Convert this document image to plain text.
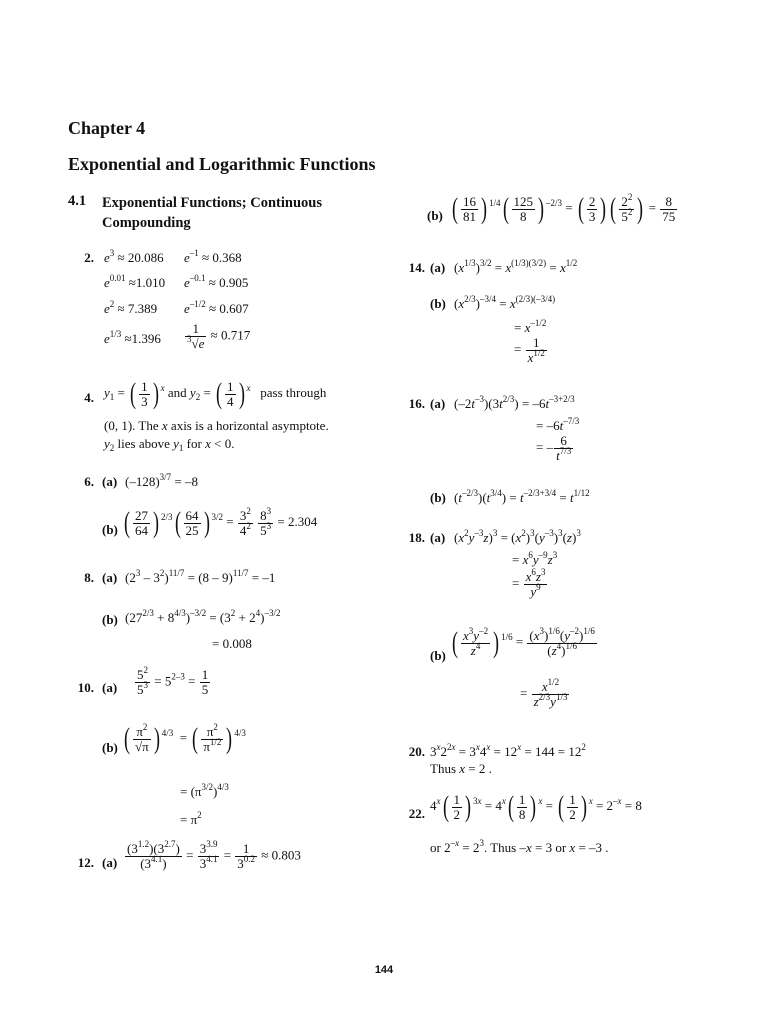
Chapter 4
Exponential and Logarithmic Functions
4.1 Exponential Functions; Continuous Compounding
2. $e^3 \approx 20.086$ $e^{-1} \approx 0.368$
$e^{0.01} \approx 1.010$ $e^{-0.1} \approx 0.905$
$e^2 \approx 7.389$ $e^{-1/2} \approx 0.607$
$e^{1/3} \approx 1.396 \frac{1}{^3√e} \approx 0.717$
4. $y_1$ = ( $\frac{1}{3}$ ) $^x$ and $y_2$ = ( $\frac{1}{4}$ ) $^x$ pass through
(0, 1). The x axis is a horizontal asymptote.
$y_2$ lies above $y_1$ for x < 0.
6. (a) $(-128)^{3/7} = -8$
(b) ( $\frac{27}{64}$ ) $^{2/3}( \frac{64}{25}$ ) $^{3/2} = \frac{3^2}{4^2}$
$\frac{8^3}{5^3} = 2.304$
8. (a) $(2^3 - 3^2)^{11/7} = (8 - 9)^{11/7} = -1$
(b) $(27^{2/3} + 8^{4/3})^{-3/2} = (3^2 + 2^4)^{-3/2}$
= 0.008
10. $(a) \frac{5^2}{5^3} = 5^{2-3} = \frac{1}{5}$
(b) ( $\frac{\pi^2}{√\pi}$ ) $^{4/3}$  = ( $\frac{\pi^2}{\pi^{1/2}}$ ) $^{4/3}$
= $(\pi^{3/2})^{4/3}$
= $\pi^2$
12. $(a) \frac{(3^{1.2})(3^{2.7})}{(3^{4.1})} = \frac{3^{3.9}}{3^{4.1}} = \frac{1}{3^{0.2}} \approx 0.803$
(b) ( $\frac{16}{81}$ ) $^{1/4}( \frac{125}{8}$ ) $^{-2/3}$ = ( $\frac{2}{3}$ ) ( $\frac{2^2}{5^2}$ ) = $\frac{8}{75}$
14. (a) $(x^{1/3})^{3/2} = x^{(1/3)(3/2)} = x^{1/2}$
(b) $(x^{2/3})^{-3/4} = x^{(2/3)(-3/4)}$
= $x^{-1/2}$
= $\frac{1}{x^{1/2}}$
16. (a) $(-2t^{-3})(3t^{2/3}) = -6t^{-3+2/3}$
= $-6t^{-7/3}$
= – $\frac{6}{t^{7/3}}$
(b) $(t^{-2/3})(t^{3/4}) = t^{-2/3+3/4} = t^{1/12}$
18. (a) $(x^2y^{-3}z)^3 = (x^2)^3(y^{-3})^3(z)^3$
= $x^6y^{-9}z^3$
= $\frac{x^6z^3}{y^9}$
(b) ( $\frac{x^3y^{-2}}{z^4}$ ) $^{1/6} = \frac{(x^3)^{1/6}(y^{-2})^{1/6}}{(z^4)^{1/6}}$
= $\frac{x^{1/2}}{z^{2/3}y^{1/3}}$
20. $3^x2^{2x} = 3^x4^x = 12^x = 144 = 12^2$
Thus x = 2 .
22.
$4^x( \frac{1}{2}$ ) $^{3x} = 4^x( \frac{1}{8}$ ) $^x$ = ( $\frac{1}{2}$ ) $^x = 2^{-x} = 8$
or $2^{-x} = 2^3$. Thus –x = 3 or x = –3 .
144
